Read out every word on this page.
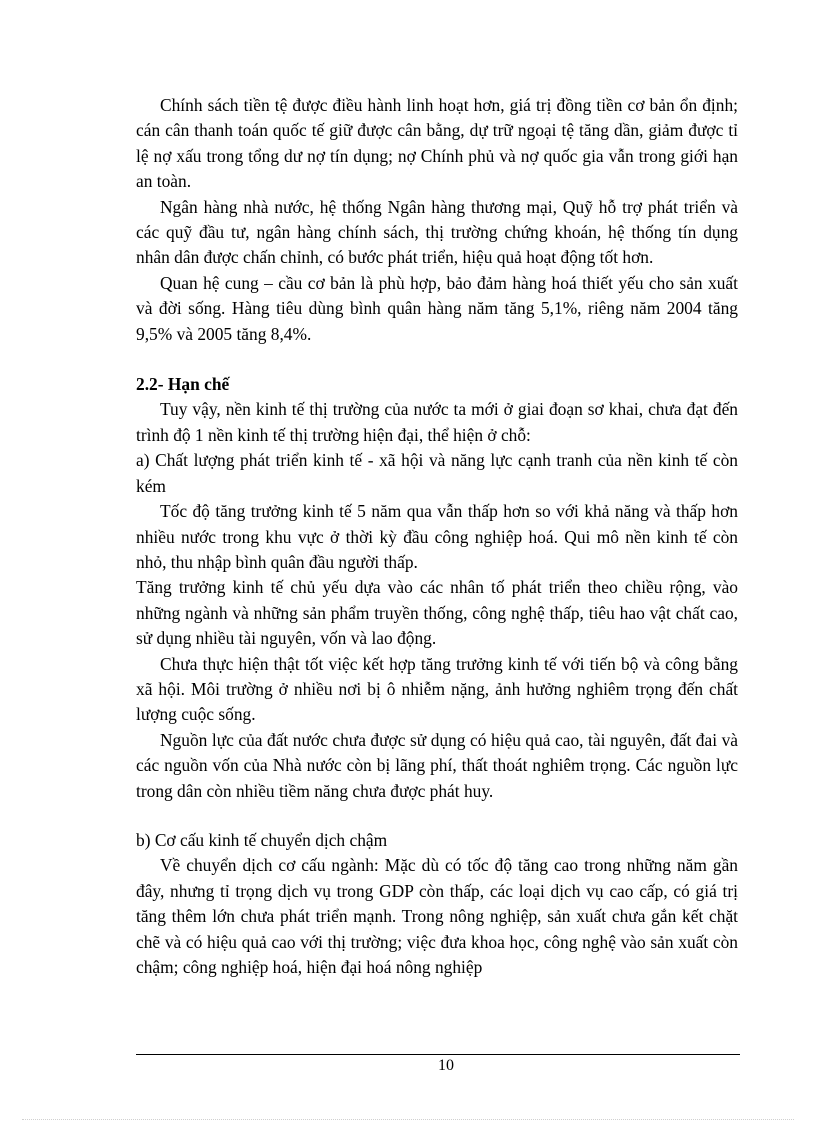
Chính sách tiền tệ được điều hành linh hoạt hơn, giá trị đồng tiền cơ bản ổn định; cán cân thanh toán quốc tế giữ được cân bằng, dự trữ ngoại tệ tăng dần, giảm được tỉ lệ nợ xấu trong tổng dư nợ tín dụng; nợ Chính phủ và nợ quốc gia vẫn trong giới hạn an toàn.

Ngân hàng nhà nước, hệ thống Ngân hàng thương mại, Quỹ hỗ trợ phát triển và các quỹ đầu tư, ngân hàng chính sách, thị trường chứng khoán, hệ thống tín dụng nhân dân được chấn chỉnh, có bước phát triển, hiệu quả hoạt động tốt hơn.

Quan hệ cung – cầu cơ bản là phù hợp, bảo đảm hàng hoá thiết yếu cho sản xuất và đời sống. Hàng tiêu dùng bình quân hàng năm tăng 5,1%, riêng năm 2004 tăng 9,5% và 2005 tăng 8,4%.

2.2- Hạn chế

Tuy vậy, nền kinh tế thị trường của nước ta mới ở giai đoạn sơ khai, chưa đạt đến trình độ 1 nền kinh tế thị trường hiện đại, thể hiện ở chỗ:

a) Chất lượng phát triển kinh tế - xã hội và năng lực cạnh tranh của nền kinh tế còn kém

Tốc độ tăng trưởng kinh tế 5 năm qua vẫn thấp hơn so với khả năng và thấp hơn nhiều nước trong khu vực ở thời kỳ đầu công nghiệp hoá. Qui mô nền kinh tế còn nhỏ, thu nhập bình quân đầu người thấp.

Tăng trưởng kinh tế chủ yếu dựa vào các nhân tố phát triển theo chiều rộng, vào những ngành và những sản phẩm truyền thống, công nghệ thấp, tiêu hao vật chất cao, sử dụng nhiều tài nguyên, vốn và lao động.

Chưa thực hiện thật tốt việc kết hợp tăng trưởng kinh tế với tiến bộ và công bằng xã hội. Môi trường ở nhiều nơi bị ô nhiễm nặng, ảnh hưởng nghiêm trọng đến chất lượng cuộc sống.

Nguồn lực của đất nước chưa được sử dụng có hiệu quả cao, tài nguyên, đất đai và các nguồn vốn của Nhà nước còn bị lãng phí, thất thoát nghiêm trọng. Các nguồn lực trong dân còn nhiều tiềm năng chưa được phát huy.

b) Cơ cấu kinh tế chuyển dịch chậm

Về chuyển dịch cơ cấu ngành: Mặc dù có tốc độ tăng cao trong những năm gần đây, nhưng tỉ trọng dịch vụ trong GDP còn thấp, các loại dịch vụ cao cấp, có giá trị tăng thêm lớn chưa phát triển mạnh. Trong nông nghiệp, sản xuất chưa gắn kết chặt chẽ và có hiệu quả cao với thị trường; việc đưa khoa học, công nghệ vào sản xuất còn chậm; công nghiệp hoá, hiện đại hoá nông nghiệp

10
